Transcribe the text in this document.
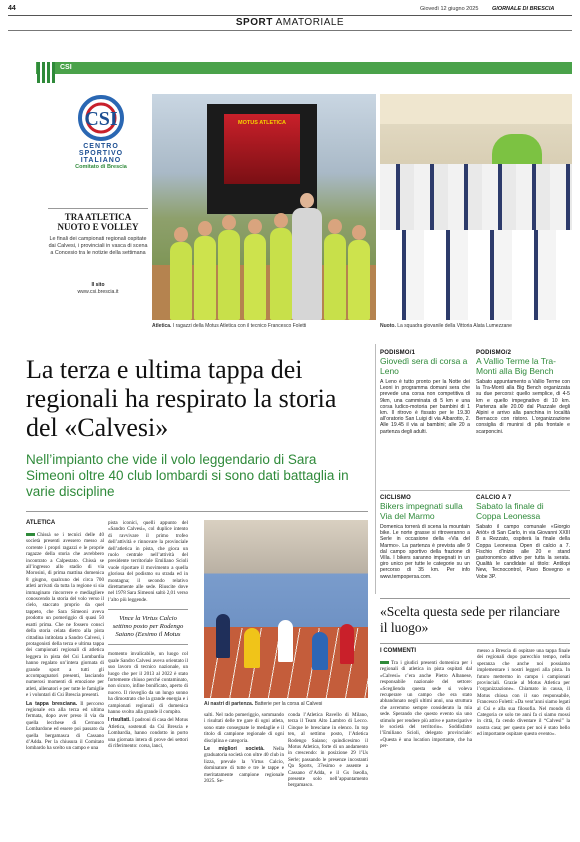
44	Giovedì 12 giugno 2025 GIORNALE DI BRESCIA
SPORT AMATORIALE
CSI
CSI
CENTRO
SPORTIVO
ITALIANO
Comitato di Brescia
TRA ATLETICA
NUOTO E VOLLEY
Le finali dei campionati regionali ospitate dai Calvesi, i provinciali in vasca di scena a Concesio tra le notizie della settimana
Il sito
www.csi.brescia.it
MOTUS ATLETICA
Atletica. I ragazzi della Motus Atletica con il tecnico Francesco Foletti	Nuoto. La squadra giovanile della Vittoria Alata Lumezzane
La terza e ultima tappa dei regionali ha respirato la storia del «Calvesi»
Nell’impianto che vide il volo leggendario di Sara Simeoni oltre 40 club lombardi si sono dati battaglia in varie discipline
ATLETICA

Chissà se i tecnici delle 40 società presenti avessero messo al corrente i propri ragazzi e le proprie ragazze della storia che avrebbero incontrato a Calpestato. Chissà se all’ingresso allo stadio di via Morosini, di prima mattina domenica 8 giugno, qualcuno dei circa 700 atleti arrivati da tutta la regione si sia immaginato rincorrere e mediagliere conoscendo la storia del volo verso il cielo, staccato proprio da quel tappeto, che Sara Simeoni aveva prodotto un pomeriggio di quasi 50 esatti prima. Che ne fossero consci della storia celata dietro alla pista cittadina intitolata a Sandro Calvesi, i protagonisti della terza e ultima tappa dei campionati regionali di atletica leggera in pista del Csi Lombardia hanno regalato un’intera giornata di grande sport a tutti gli accompagnatori presenti, lasciando numerosi momenti di emozione per atleti, allenatori e per tutte le famiglie e i volontari di Csi Brescia presenti.

La tappa bresciana. Il percorso regionale era alla terza ed ultima fermata, dopo aver preso il via da quella lecchese di Cernusco Lombardone ed essere poi passato da quella bergamasca di Cassano d’Adda. Per la chiusura il Comitato lombardo ha scelto un campo e una

pista iconici, quelli appunto del «Sandro Calvesi», col duplice intento di ravvivare il primo trofeo dell’attività e rinnovare la provinciale dell’atletica in pista, che gioca un ruolo centrale nell’attività del presidente territoriale Emiliano Scioli vuole riportare il movimento a quella gloriosa del podismo su strada ed in montagna; il secondo relativo direttamente alle sede. Riuscite dove nel 1978 Sara Simeoni saltò 2,01 verso l’alto più leggende.

Vince la Virtus Calcio settimo posto per Rodengo Saiano (Eesimo il Motus

momento invalicabile, un luogo col quale Sandro Calvesi aveva orientato il suo lavoro di tecnico nazionale, un luogo che per il 2013 al 2022 è stato fortemente chiuso perché contaminato, non sicuro, infine bonificato, aperto di nuovo. Il risveglio da un lungo sonno ha dimostrato che la grande energia e i campionati regionali di domenica hanno svolto alla grande il compito.

I risultati. I padroni di casa del Motus Atletica, sostenuti da Csi Brescia e Lombardia, hanno condotto in porto una giornata intera di prove dei settori di riferimento: corsa, lanci,

Ai nastri di partenza. Batterie per la corsa al Calvesi

salti. Nel rado pomeriggio, sommando i risultati delle tre gare di ogni atleta, sono state consegnate le medaglie e il titolo di campione regionale di ogni disciplina e categoria.

Le migliori società. Nella graduatoria società con oltre 40 club in lizza, prevale la Virtus Calcio, dominatore di tutte e tre le tappe e meritatamente campione regionale 2025. Se-

conda l’Atletica Ravello di Milano, terza il Team Alto Lambro di Lecco. Cinque le bresciane in elenco. In top ten, al settimo posto, l’Atletica Rodengo Saiano; quindicesimo il Motus Atletica, forte di un andamento in crescendo: in posizione 29 l’Us Serle; passando le presenze incostanti Qa Sports, 37esimo e assente a Cassano d’Adda, e il Gs Iseolla, presente solo nell’appuntamento bergamasco.

PODISMO/1
Giovedì sera di corsa a Leno
A Leno è tutto pronto per la Notte dei Leoni in programma domani sera che prevede una corsa non competitiva di 9km, una camminata di 5 km e una corsa ludico-motoria per bambini di 1 km. Il ritrovo è fissato per le 19.30 all’oratorio San Luigi di via Albarotto, 2. Alle 19.45 il via ai bambini; alle 20 a partenza degli adulti.
PODISMO/2
A Vallio Terme la Tra-Monti alla Big Bench
Sabato appuntamento a Vallio Terme con la Tra-Monti alla Big Bench organizzata su due percorsi: quello semplice, di 4-5 km e quello impegnativo di 10 km. Partenza alle 20.00 dal Piazzale degli Alpini e arrivo alla panchina in località Bernacco con ristoro. L’organizzazione consiglia di munirsi di pila frontale e scarponcini.
CICLISMO
Bikers impegnati sulla Via del Marmo
Domenica torrerà di scena la mountain bike. Le norte grasse si ritroveranno a Serle in occasione della «Via del Marmo». La partenza è prevista alle 9 dal campo sportivo della frazione di Villa. I bikers saranno impegnati in un giro unico per tutte le categorie su un percorso di 35 km. Per info www.tempopersa.com.
CALCIO A 7
Sabato la finale di Coppa Leonessa
Sabato il campo comunale «Giorgio Ariòt» di San Carlo, in via Giovanni XXIII 8 a Rezzato, ospiterà la finale della Coppa Leonessa Open di calcio a 7. Fischio d’inizio alle 20 e stand gastronomico attivo per tutta la serata. Qualità le candidate al titolo: Antilopi New, Tecnocontrol, Pavo Bovegno e Vobe 3P.
«Scelta questa sede per rilanciare il luogo»
I COMMENTI

Tra i giudici presenti domenica per i regionali di atletica in pista ospitati dal «Calvesi» c’era anche Pietro Albanese, responsabile nazionale del settore: «Scegliendo questa sede si voleva recuperare un campo che era stato abbandonato negli ultimi anni, una struttura che avremmo sempre considerato la mia sede. Sperando che questo evento sia uno stimolo per rendere più attive e partecipative le società del territorio». Soddisfatto l’Emiliano Scioli, delegato provinciale: «Questa è una location importante, che ha per-

messo a Brescia di ospitare una tappa finale dei regionali dopo parecchio tempo, nella speranza che anche noi possiamo implementare i nostri leggeri alla pista. In futuro mettermo in campo i campionati provinciali. Grazie al Motus Atletica per l’organizzazione». Chiamato in causa, il Motus chiosa con il suo responsabile, Francesco Foletti: «Da vent’anni siamo legati al Csi e alla sua filosofia. Nel mondo di Categoria ce solo tre anni fa ci siamo mossi in città, fa cendo diventare il “Calvesi” la nostra casa; per questo per noi è stato bello ed importante ospitare questo evento».
